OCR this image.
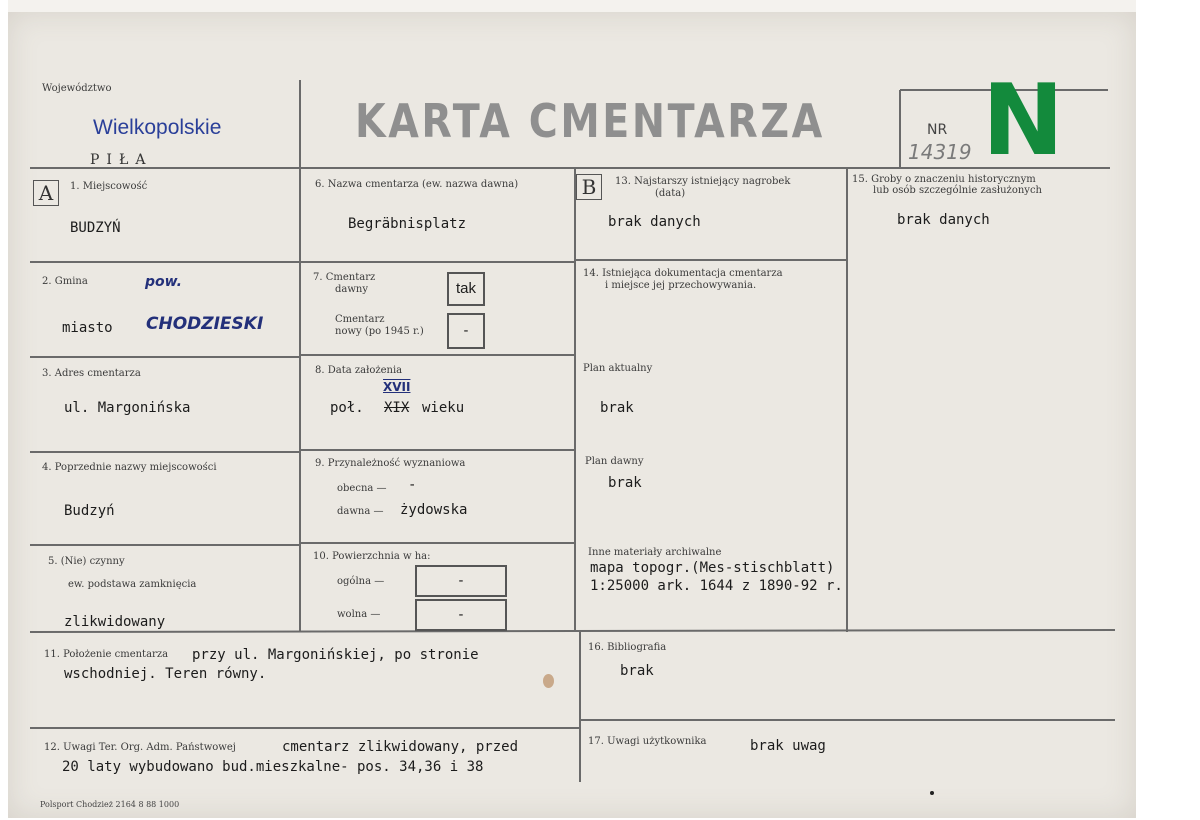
Województwo
Wielkopolskie
PIŁA
KARTA CMENTARZA	NR
14319 N
A	B
1. Miejscowość
BUDZYŃ
2. Gmina	pow.
miasto CHODZIESKI
3. Adres cmentarza
ul. Margonińska
4. Poprzednie nazwy miejscowości
Budzyń
5. (Nie) czynny
ew. podstawa zamknięcia
zlikwidowany
6. Nazwa cmentarza (ew. nazwa dawna)
Begräbnisplatz
7. Cmentarz
dawny	tak
Cmentarz
nowy (po 1945 r.)	-
8. Data założenia
XVII
poł. XIX wieku
9. Przynależność wyznaniowa
obecna — -
dawna — żydowska
10. Powierzchnia w ha:
ogólna —	-
wolna —	-
13. Najstarszy istniejący nagrobek
(data)
brak danych
14. Istniejąca dokumentacja cmentarza
i miejsce jej przechowywania.
Plan aktualny
brak
Plan dawny
brak
Inne materiały archiwalne
mapa topogr.(Mes-stischblatt)
1:25000 ark. 1644 z 1890-92 r.
15. Groby o znaczeniu historycznym
lub osób szczególnie zasłużonych
brak danych
11. Położenie cmentarza przy ul. Margonińskiej, po stronie
wschodniej. Teren równy.
12. Uwagi Ter. Org. Adm. Państwowej	cmentarz zlikwidowany, przed
20 laty wybudowano bud.mieszkalne- pos. 34,36 i 38
16. Bibliografia
brak
17. Uwagi użytkownika	brak uwag
Polsport Chodzież 2164 8 88 1000
